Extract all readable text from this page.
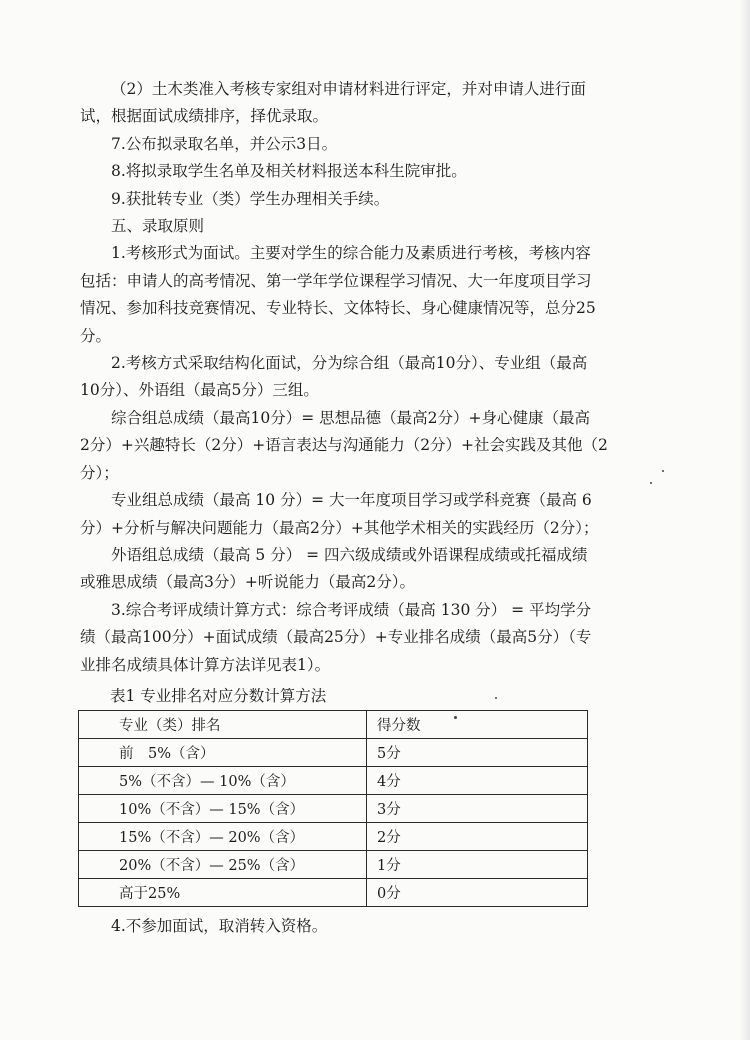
（2）土木类准入考核专家组对申请材料进行评定，并对申请人进行面
试，根据面试成绩排序，择优录取。
7.公布拟录取名单，并公示3日。
8.将拟录取学生名单及相关材料报送本科生院审批。
9.获批转专业（类）学生办理相关手续。
五、录取原则
1.考核形式为面试。主要对学生的综合能力及素质进行考核，考核内容
包括：申请人的高考情况、第一学年学位课程学习情况、大一年度项目学习
情况、参加科技竞赛情况、专业特长、文体特长、身心健康情况等，总分25
分。
2.考核方式采取结构化面试，分为综合组（最高10分）、专业组（最高
10分）、外语组（最高5分）三组。
综合组总成绩（最高10分）= 思想品德（最高2分）+身心健康（最高
2分）+兴趣特长（2分）+语言表达与沟通能力（2分）+社会实践及其他（2
分）；
专业组总成绩（最高 10 分）= 大一年度项目学习或学科竞赛（最高 6
分）+分析与解决问题能力（最高2分）+其他学术相关的实践经历（2分）；
外语组总成绩（最高 5 分） = 四六级成绩或外语课程成绩或托福成绩
或雅思成绩（最高3分）+听说能力（最高2分）。
3.综合考评成绩计算方式：综合考评成绩（最高 130 分） = 平均学分
绩（最高100分）+面试成绩（最高25分）+专业排名成绩（最高5分）（专
业排名成绩具体计算方法详见表1）。
表1 专业排名对应分数计算方法
专业（类）排名	得分数
前　5%（含）	5分
5%（不含）— 10%（含）	4分
10%（不含）— 15%（含）	3分
15%（不含）— 20%（含）	2分
20%（不含）— 25%（含）	1分
高于25%	0分
4.不参加面试，取消转入资格。
